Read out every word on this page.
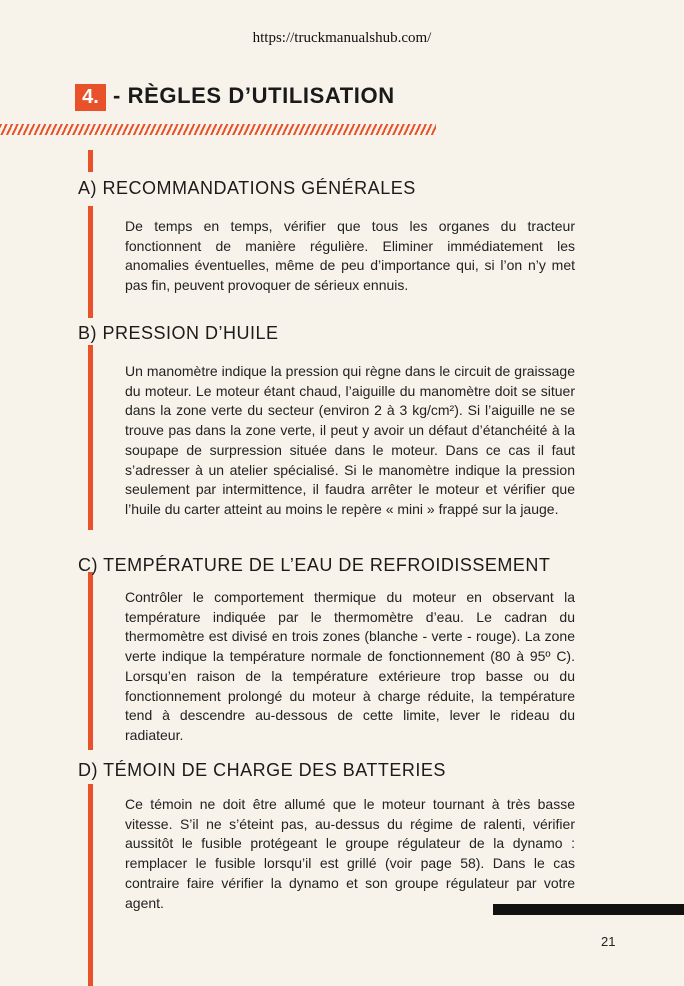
https://truckmanualshub.com/
4. - RÈGLES D’UTILISATION
A) RECOMMANDATIONS GÉNÉRALES
De temps en temps, vérifier que tous les organes du tracteur fonctionnent de manière régulière. Eliminer immédiatement les anomalies éventuelles, même de peu d’importance qui, si l’on n’y met pas fin, peuvent provoquer de sérieux ennuis.
B) PRESSION D’HUILE
Un manomètre indique la pression qui règne dans le circuit de graissage du moteur. Le moteur étant chaud, l’aiguille du manomètre doit se situer dans la zone verte du secteur (environ 2 à 3 kg/cm²). Si l’aiguille ne se trouve pas dans la zone verte, il peut y avoir un défaut d’étanchéité à la soupape de surpression située dans le moteur. Dans ce cas il faut s’adresser à un atelier spécialisé. Si le manomètre indique la pression seulement par intermittence, il faudra arrêter le moteur et vérifier que l’huile du carter atteint au moins le repère « mini » frappé sur la jauge.
C) TEMPÉRATURE DE L’EAU DE REFROIDISSEMENT
Contrôler le comportement thermique du moteur en observant la température indiquée par le thermomètre d’eau. Le cadran du thermomètre est divisé en trois zones (blanche - verte - rouge). La zone verte indique la température normale de fonctionnement (80 à 95º C). Lorsqu’en raison de la température extérieure trop basse ou du fonctionnement prolongé du moteur à charge réduite, la température tend à descendre au-dessous de cette limite, lever le rideau du radiateur.
D) TÉMOIN DE CHARGE DES BATTERIES
Ce témoin ne doit être allumé que le moteur tournant à très basse vitesse. S’il ne s’éteint pas, au-dessus du régime de ralenti, vérifier aussitôt le fusible protégeant le groupe régulateur de la dynamo : remplacer le fusible lorsqu’il est grillé (voir page 58). Dans le cas contraire faire vérifier la dynamo et son groupe régulateur par votre agent.
21
